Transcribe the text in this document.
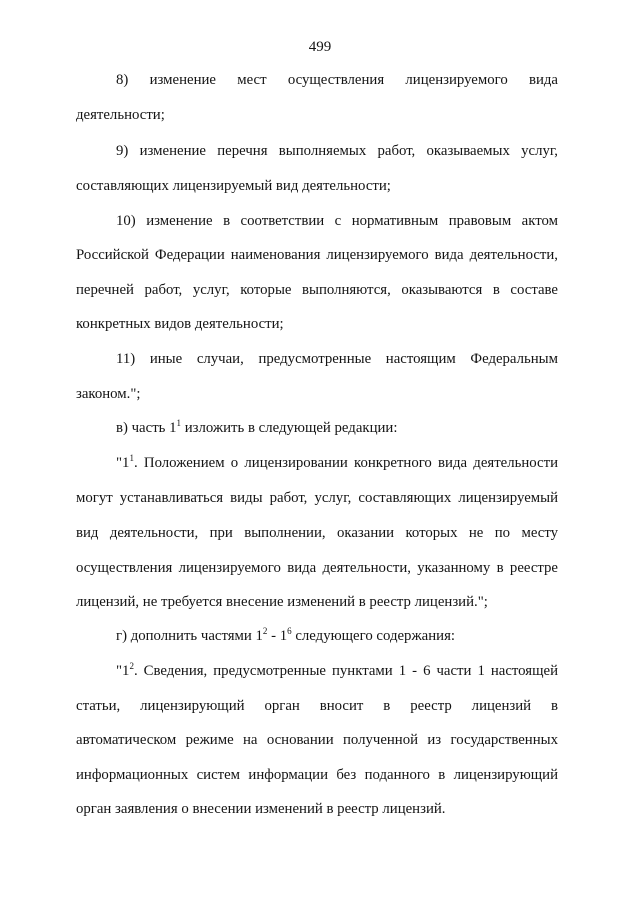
499
8) изменение мест осуществления лицензируемого вида
деятельности;
9) изменение перечня выполняемых работ, оказываемых услуг,
составляющих лицензируемый вид деятельности;
10) изменение в соответствии с нормативным правовым актом
Российской Федерации наименования лицензируемого вида деятельности,
перечней работ, услуг, которые выполняются, оказываются в составе
конкретных видов деятельности;
11) иные случаи, предусмотренные настоящим Федеральным
законом.";
в) часть $1^1$ изложить в следующей редакции:
"$1^1$. Положением о лицензировании конкретного вида деятельности
могут устанавливаться виды работ, услуг, составляющих лицензируемый
вид деятельности, при выполнении, оказании которых не по месту
осуществления лицензируемого вида деятельности, указанному в реестре
лицензий, не требуется внесение изменений в реестр лицензий.";
г) дополнить частями $1^2 - 1^6$ следующего содержания:
"$1^2$. Сведения, предусмотренные пунктами 1 - 6 части 1 настоящей
статьи, лицензирующий орган вносит в реестр лицензий в
автоматическом режиме на основании полученной из государственных
информационных систем информации без поданного в лицензирующий
орган заявления о внесении изменений в реестр лицензий.
